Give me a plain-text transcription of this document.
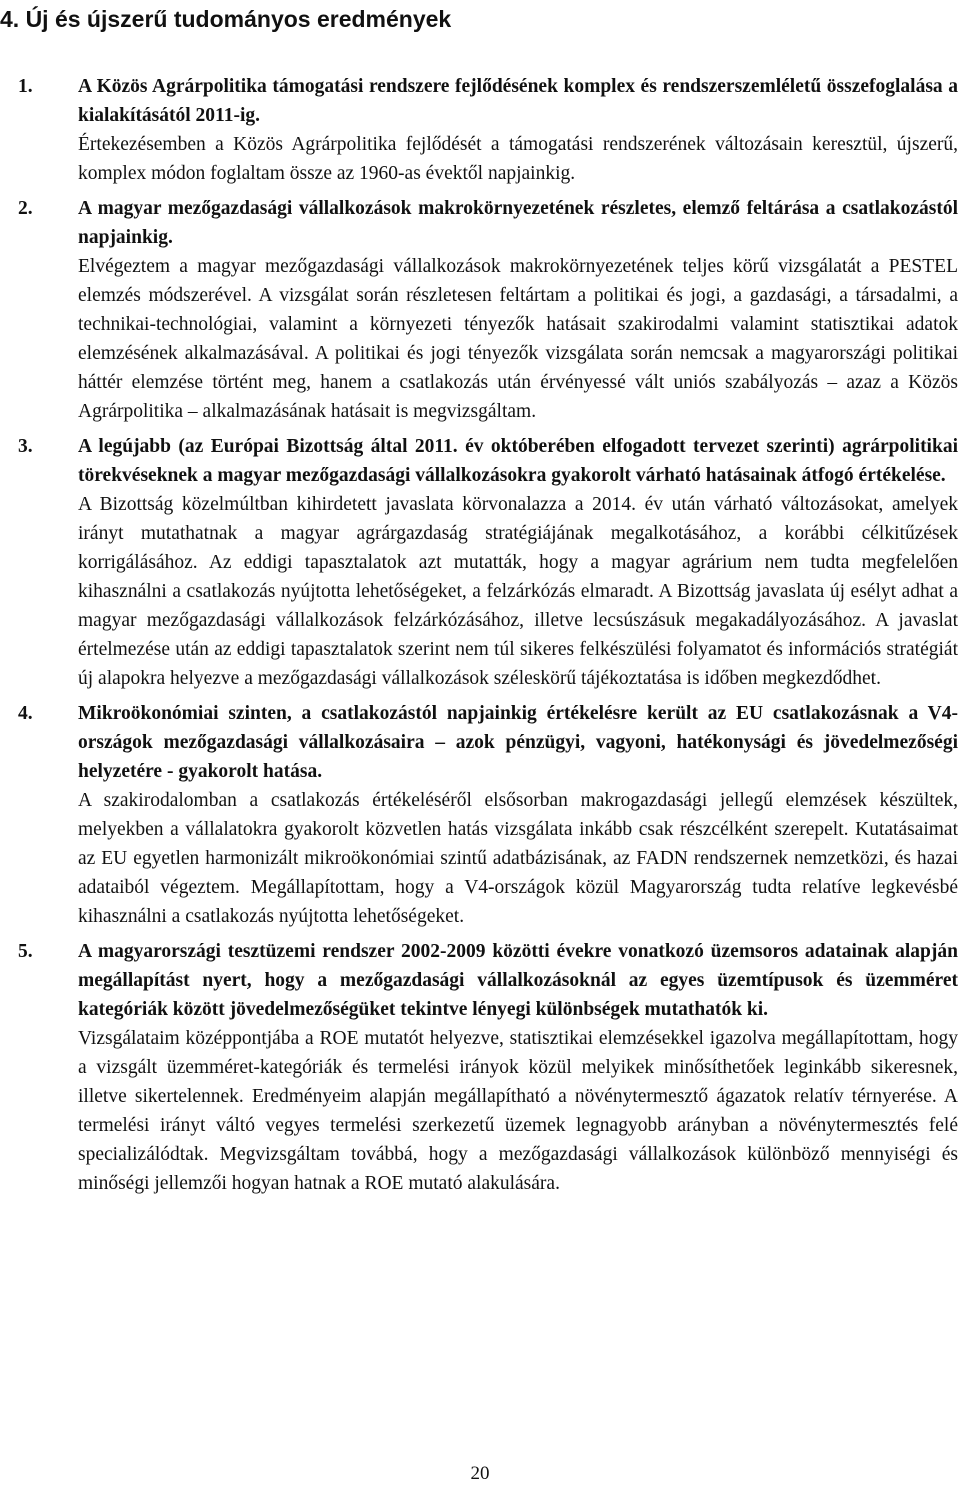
4. Új és újszerű tudományos eredmények
1.	A Közös Agrárpolitika támogatási rendszere fejlődésének komplex és rendszerszemléletű összefoglalása a kialakításától 2011-ig.

Értekezésemben a Közös Agrárpolitika fejlődését a támogatási rendszerének változásain keresztül, újszerű, komplex módon foglaltam össze az 1960-as évektől napjainkig.

2.	A magyar mezőgazdasági vállalkozások makrokörnyezetének részletes, elemző feltárása a csatlakozástól napjainkig.

Elvégeztem a magyar mezőgazdasági vállalkozások makrokörnyezetének teljes körű vizsgálatát a PESTEL elemzés módszerével. A vizsgálat során részletesen feltártam a politikai és jogi, a gazdasági, a társadalmi, a technikai-technológiai, valamint a környezeti tényezők hatásait szakirodalmi valamint statisztikai adatok elemzésének alkalmazásával. A politikai és jogi tényezők vizsgálata során nemcsak a magyarországi politikai háttér elemzése történt meg, hanem a csatlakozás után érvényessé vált uniós szabályozás – azaz a Közös Agrárpolitika – alkalmazásának hatásait is megvizsgáltam.

3.	A legújabb (az Európai Bizottság által 2011. év októberében elfogadott tervezet szerinti) agrárpolitikai törekvéseknek a magyar mezőgazdasági vállalkozásokra gyakorolt várható hatásainak átfogó értékelése.

A Bizottság közelmúltban kihirdetett javaslata körvonalazza a 2014. év után várható változásokat, amelyek irányt mutathatnak a magyar agrárgazdaság stratégiájának megalkotásához, a korábbi célkitűzések korrigálásához. Az eddigi tapasztalatok azt mutatták, hogy a magyar agrárium nem tudta megfelelően kihasználni a csatlakozás nyújtotta lehetőségeket, a felzárkózás elmaradt. A Bizottság javaslata új esélyt adhat a magyar mezőgazdasági vállalkozások felzárkózásához, illetve lecsúszásuk megakadályozásához. A javaslat értelmezése után az eddigi tapasztalatok szerint nem túl sikeres felkészülési folyamatot és információs stratégiát új alapokra helyezve a mezőgazdasági vállalkozások széleskörű tájékoztatása is időben megkezdődhet.

4.	Mikroökonómiai szinten, a csatlakozástól napjainkig értékelésre került az EU csatlakozásnak a V4-országok mezőgazdasági vállalkozásaira – azok pénzügyi, vagyoni, hatékonysági és jövedelmezőségi helyzetére - gyakorolt hatása.

A szakirodalomban a csatlakozás értékeléséről elsősorban makrogazdasági jellegű elemzések készültek, melyekben a vállalatokra gyakorolt közvetlen hatás vizsgálata inkább csak részcélként szerepelt. Kutatásaimat az EU egyetlen harmonizált mikroökonómiai szintű adatbázisának, az FADN rendszernek nemzetközi, és hazai adataiból végeztem. Megállapítottam, hogy a V4-országok közül Magyarország tudta relatíve legkevésbé kihasználni a csatlakozás nyújtotta lehetőségeket.

5.	A magyarországi tesztüzemi rendszer 2002-2009 közötti évekre vonatkozó üzemsoros adatainak alapján megállapítást nyert, hogy a mezőgazdasági vállalkozásoknál az egyes üzemtípusok és üzemméret kategóriák között jövedelmezőségüket tekintve lényegi különbségek mutathatók ki.

Vizsgálataim középpontjába a ROE mutatót helyezve, statisztikai elemzésekkel igazolva megállapítottam, hogy a vizsgált üzemméret-kategóriák és termelési irányok közül melyikek minősíthetőek leginkább sikeresnek, illetve sikertelennek. Eredményeim alapján megállapítható a növénytermesztő ágazatok relatív térnyerése. A termelési irányt váltó vegyes termelési szerkezetű üzemek legnagyobb arányban a növénytermesztés felé specializálódtak. Megvizsgáltam továbbá, hogy a mezőgazdasági vállalkozások különböző mennyiségi és minőségi jellemzői hogyan hatnak a ROE mutató alakulására.

20
